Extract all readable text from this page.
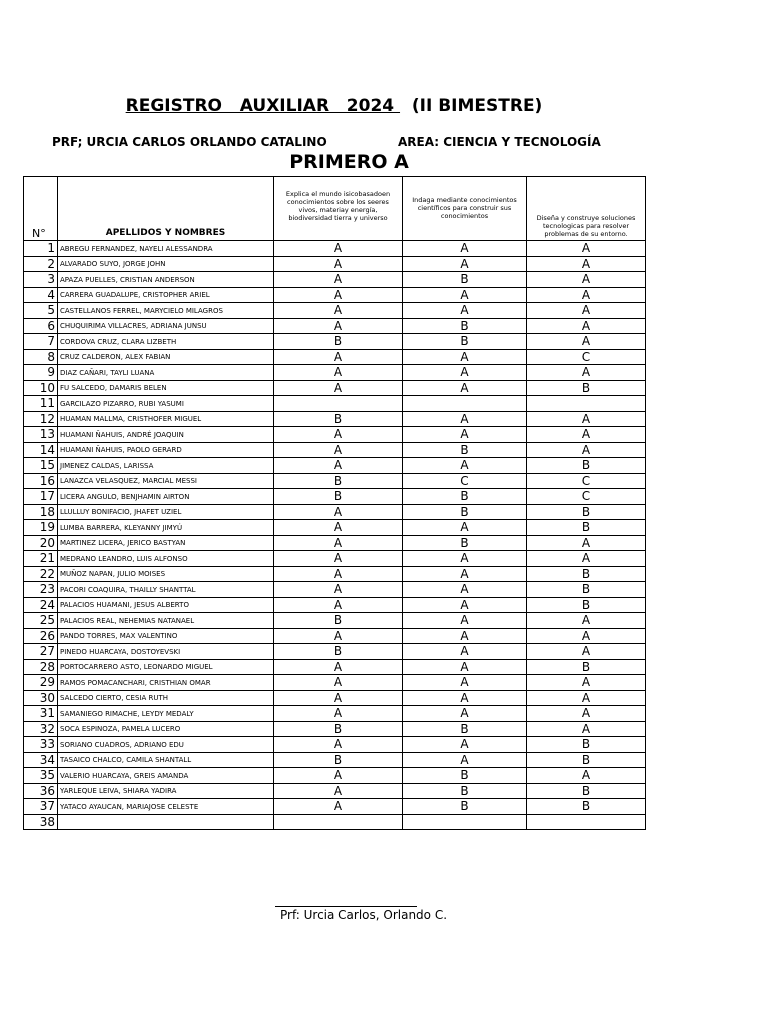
REGISTRO   AUXILIAR   2024   (II BIMESTRE)
PRF; URCIA CARLOS ORLANDO CATALINO	AREA: CIENCIA Y TECNOLOGÍA
PRIMERO A
N°	APELLIDOS Y NOMBRES	Explica el mundo isicobasadoen conocimientos sobre los seeres vivos, materiay energía, biodiversidad tierra y universo	Indaga mediante conocimientos científicos para construir sus conocimientos	Diseña y construye soluciones tecnologicas para resolver problemas de su entorno.

1	ABREGU FERNANDEZ, NAYELI ALESSANDRA	A	A	A
2	ALVARADO SUYO, JORGE JOHN	A	A	A
3	APAZA PUELLES, CRISTIAN ANDERSON	A	B	A
4	CARRERA GUADALUPE, CRISTOPHER ARIEL	A	A	A
5	CASTELLANOS FERREL, MARYCIELO MILAGROS	A	A	A
6	CHUQUIRIMA VILLACRES, ADRIANA JUNSU	A	B	A
7	CORDOVA CRUZ, CLARA LIZBETH	B	B	A
8	CRUZ CALDERON, ALEX FABIAN	A	A	C
9	DIAZ CAÑARI, TAYLI LUANA	A	A	A
10	FU SALCEDO, DAMARIS BELEN	A	A	B
11	GARCILAZO PIZARRO, RUBI YASUMI			
12	HUAMAN MALLMA, CRISTHOFER MIGUEL	B	A	A
13	HUAMANI ÑAHUIS, ANDRÉ JOAQUIN	A	A	A
14	HUAMANI ÑAHUIS, PAOLO GERARD	A	B	A
15	JIMENEZ CALDAS, LARISSA	A	A	B
16	LANAZCA VELASQUEZ, MARCIAL MESSI	B	C	C
17	LICERA ANGULO, BENJHAMIN AIRTON	B	B	C
18	LLULLUY BONIFACIO, JHAFET UZIEL	A	B	B
19	LUMBA BARRERA, KLEYANNY JIMYÚ	A	A	B
20	MARTINEZ LICERA, JERICO BASTYAN	A	B	A
21	MEDRANO LEANDRO, LUIS ALFONSO	A	A	A
22	MUÑOZ NAPAN, JULIO MOISES	A	A	B
23	PACORI COAQUIRA, THAILLY SHANTTAL	A	A	B
24	PALACIOS HUAMANI, JESUS ALBERTO	A	A	B
25	PALACIOS REAL, NEHEMIAS NATANAEL	B	A	A
26	PANDO TORRES, MAX VALENTINO	A	A	A
27	PINEDO HUARCAYA, DOSTOYEVSKI	B	A	A
28	PORTOCARRERO ASTO, LEONARDO MIGUEL	A	A	B
29	RAMOS POMACANCHARI, CRISTHIAN OMAR	A	A	A
30	SALCEDO CIERTO, CESIA RUTH	A	A	A
31	SAMANIEGO RIMACHE, LEYDY MEDALY	A	A	A
32	SOCA ESPINOZA, PAMELA LUCERO	B	B	A
33	SORIANO CUADROS, ADRIANO EDU	A	A	B
34	TASAICO CHALCO, CAMILA SHANTALL	B	A	B
35	VALERIO HUARCAYA, GREIS AMANDA	A	B	A
36	YARLEQUE LEIVA, SHIARA YADIRA	A	B	B
37	YATACO AYAUCAN, MARIAJOSE CELESTE	A	B	B
38				
Prf: Urcia Carlos, Orlando C.
